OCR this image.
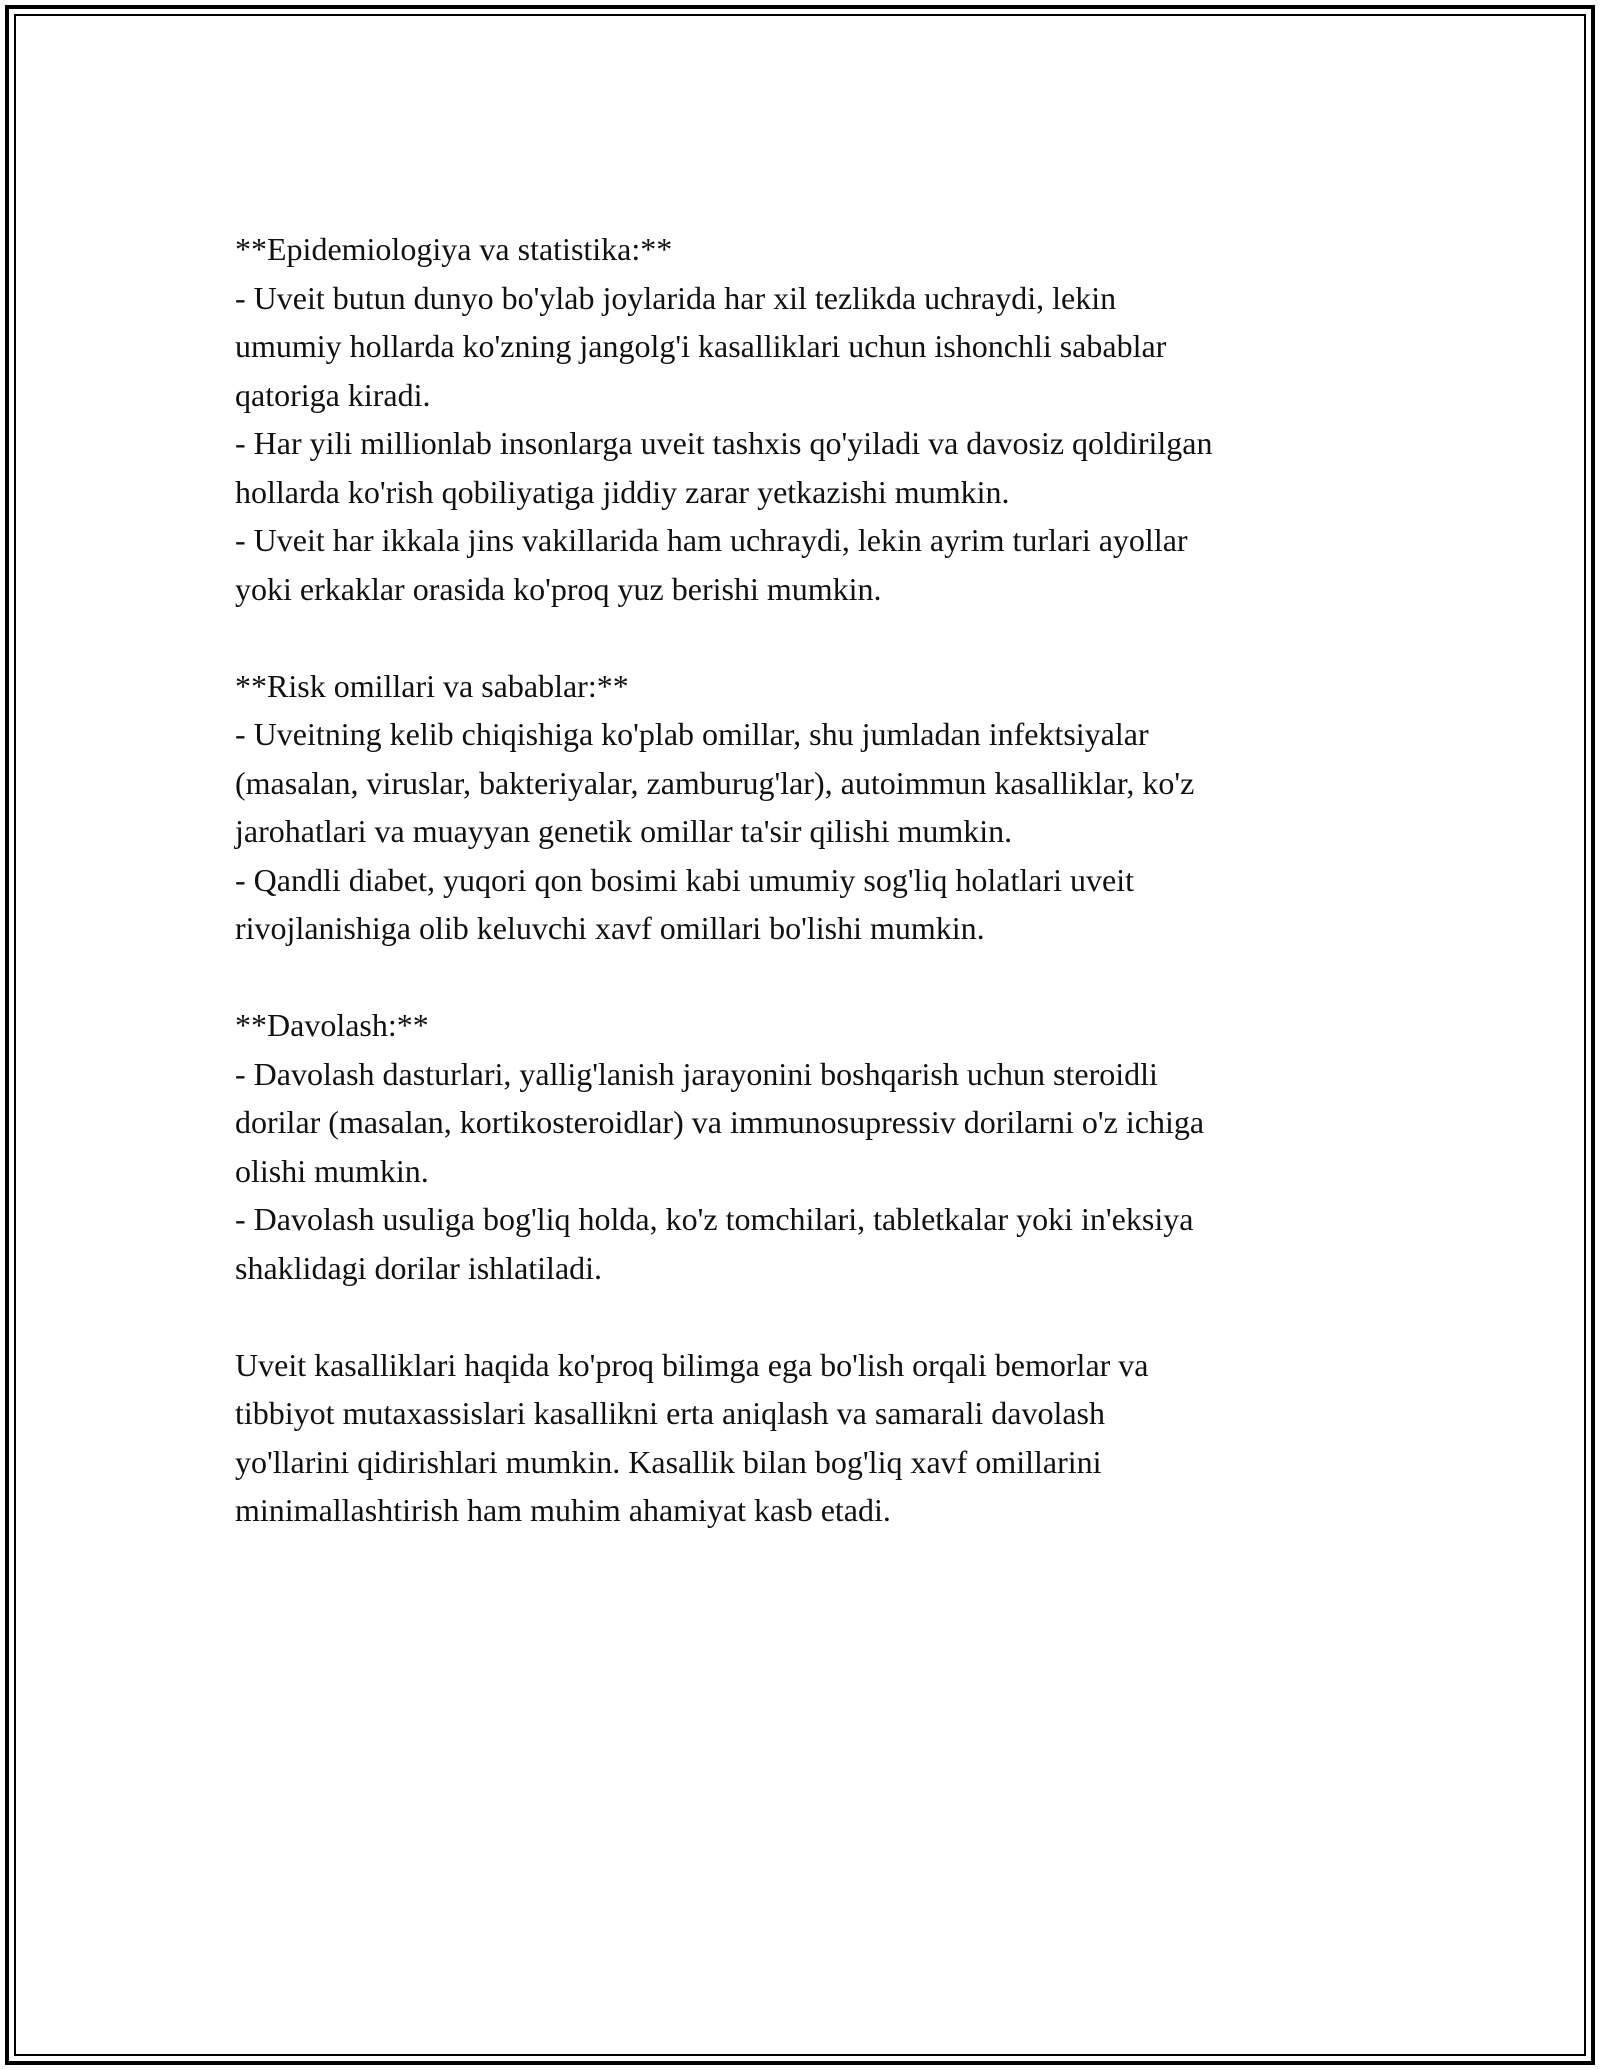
**Epidemiologiya va statistika:**
- Uveit butun dunyo bo'ylab joylarida har xil tezlikda uchraydi, lekin
umumiy hollarda ko'zning jangolg'i kasalliklari uchun ishonchli sabablar
qatoriga kiradi.
- Har yili millionlab insonlarga uveit tashxis qo'yiladi va davosiz qoldirilgan
hollarda ko'rish qobiliyatiga jiddiy zarar yetkazishi mumkin.
- Uveit har ikkala jins vakillarida ham uchraydi, lekin ayrim turlari ayollar
yoki erkaklar orasida ko'proq yuz berishi mumkin.
**Risk omillari va sabablar:**
- Uveitning kelib chiqishiga ko'plab omillar, shu jumladan infektsiyalar
(masalan, viruslar, bakteriyalar, zamburug'lar), autoimmun kasalliklar, ko'z
jarohatlari va muayyan genetik omillar ta'sir qilishi mumkin.
- Qandli diabet, yuqori qon bosimi kabi umumiy sog'liq holatlari uveit
rivojlanishiga olib keluvchi xavf omillari bo'lishi mumkin.
**Davolash:**
- Davolash dasturlari, yallig'lanish jarayonini boshqarish uchun steroidli
dorilar (masalan, kortikosteroidlar) va immunosupressiv dorilarni o'z ichiga
olishi mumkin.
- Davolash usuliga bog'liq holda, ko'z tomchilari, tabletkalar yoki in'eksiya
shaklidagi dorilar ishlatiladi.
Uveit kasalliklari haqida ko'proq bilimga ega bo'lish orqali bemorlar va
tibbiyot mutaxassislari kasallikni erta aniqlash va samarali davolash
yo'llarini qidirishlari mumkin. Kasallik bilan bog'liq xavf omillarini
minimallashtirish ham muhim ahamiyat kasb etadi.
